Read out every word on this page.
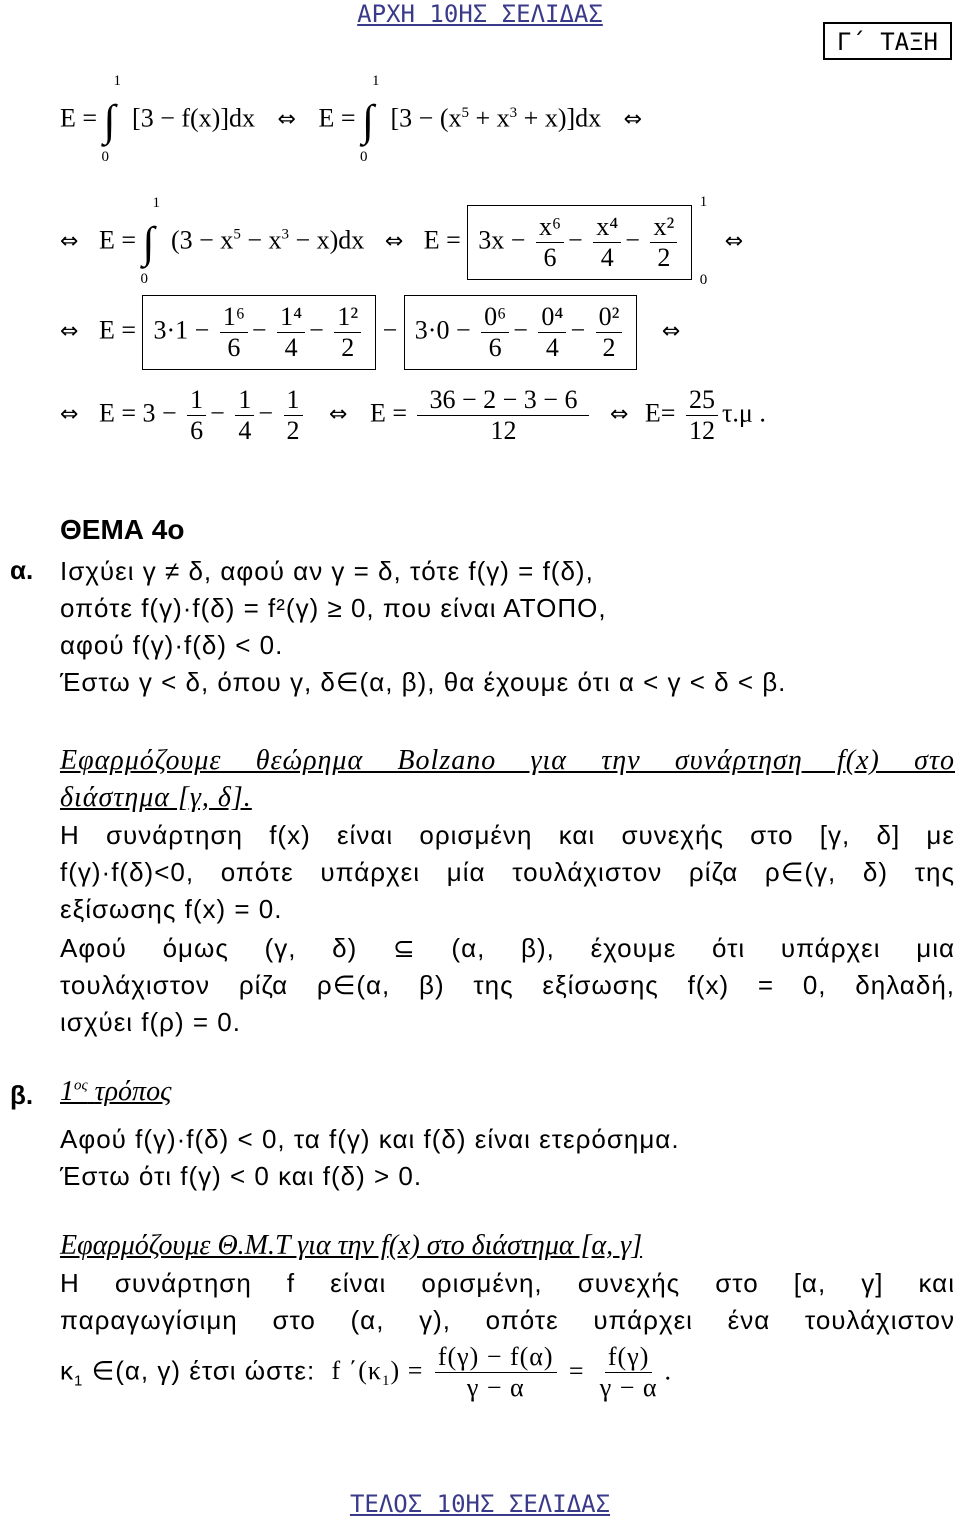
ΑΡΧΗ 10ΗΣ ΣΕΛΙΔΑΣ
Γ΄ ΤΑΞΗ
E = ∫
1
0
[3 − f(x)]dx ⇔ E = ∫
1
0
$[3 - (x^5 + x^3 + x)]dx$ ⇔
⇔ E = ∫
1
0
$(3 - x^5 - x^3 - x)dx$ ⇔ $E = 3x - \frac{\text{x⁶}}{6} - \frac{\text{x⁴}}{4} - \frac{\text{x²}}{2}$
1
0
⇔
⇔ $E = 3\cdot 1 - \frac{\text{1⁶}}{6} - \frac{\text{1⁴}}{4} - \frac{\text{1²}}{2} - 3\cdot 0 - \frac{\text{0⁶}}{6} - \frac{\text{0⁴}}{4} - \frac{\text{0²}}{2}$ ⇔
⇔ $E = 3 - \frac{1}{6} - \frac{1}{4} - \frac{1}{2}$ ⇔ $E = \frac{36 - 2 - 3 - 6}{12}$ ⇔ $E= \frac{25}{12} \tau.\mu$ .
ΘΕΜΑ 4ο
α. Ισχύει γ ≠ δ, αφού αν γ = δ, τότε f(γ) = f(δ),
οπότε f(γ)·f(δ) = f²(γ) ≥ 0, που είναι ΑΤΟΠΟ,
αφού f(γ)·f(δ) < 0.
Έστω γ < δ, όπου γ, δ∈(α, β), θα έχουμε ότι α < γ < δ < β.
Εφαρμόζουμε θεώρημα Bolzano για την συνάρτηση f(x) στο
διάστημα [γ, δ].
Η συνάρτηση f(x) είναι ορισμένη και συνεχής στο [γ, δ] με
f(γ)·f(δ)<0, οπότε υπάρχει μία τουλάχιστον ρίζα ρ∈(γ, δ) της
εξίσωσης f(x) = 0.
Αφού όμως (γ, δ) ⊆ (α, β), έχουμε ότι υπάρχει μια
τουλάχιστον ρίζα ρ∈(α, β) της εξίσωσης f(x) = 0, δηλαδή,
ισχύει f(ρ) = 0.
β. $1^{o\varsigma}$ τρόπος
Αφού f(γ)·f(δ) < 0, τα f(γ) και f(δ) είναι ετερόσημα.
Έστω ότι f(γ) < 0 και f(δ) > 0.
Εφαρμόζουμε Θ.Μ.Τ για την f(x) στο διάστημα [α, γ]
Η συνάρτηση f είναι ορισμένη, συνεχής στο [α, γ] και
παραγωγίσιμη στο (α, γ), οπότε υπάρχει ένα τουλάχιστον
$\kappa_1$ ∈(α, γ) έτσι ώστε: f $΄(\kappa_1) = \frac{f(\gamma) - f(\alpha)}{\gamma - \alpha} = \frac{f(\gamma)}{\gamma - \alpha}$ .
ΤΕΛΟΣ 10ΗΣ ΣΕΛΙΔΑΣ
